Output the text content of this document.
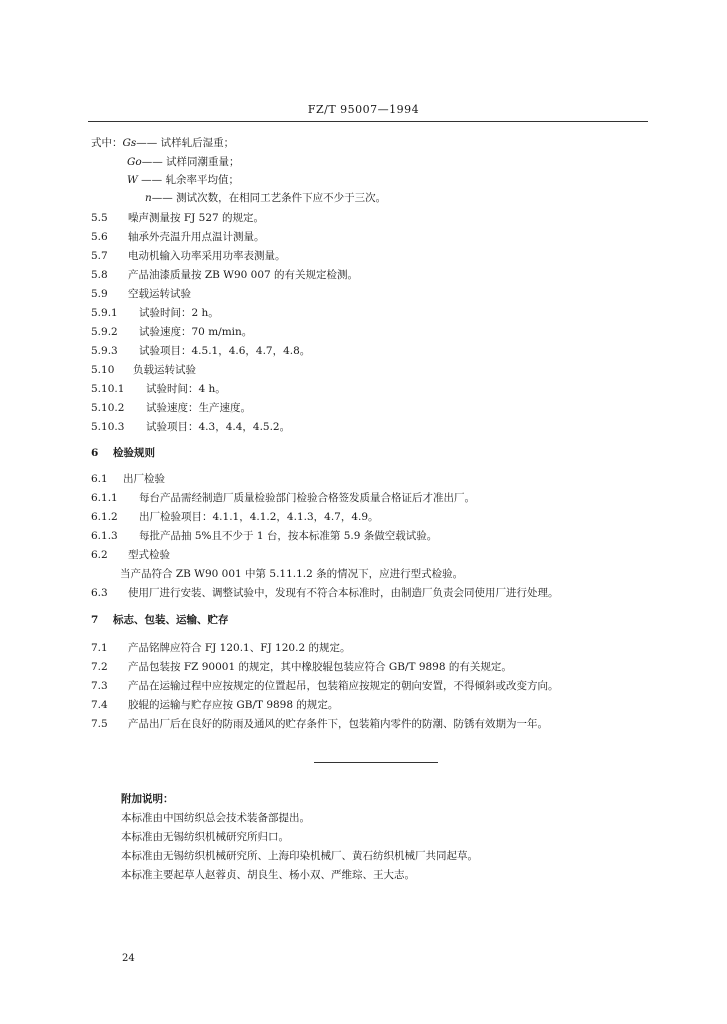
FZ/T 95007—1994
式中：Gs—— 试样轧后湿重；
Go—— 试样同潮重量；
W —— 轧余率平均值；
n—— 测试次数，在相同工艺条件下应不少于三次。
5.5 噪声测量按 FJ 527 的规定。
5.6 轴承外壳温升用点温计测量。
5.7 电动机输入功率采用功率表测量。
5.8 产品油漆质量按 ZB W90 007 的有关规定检测。
5.9 空载运转试验
5.9.1 试验时间：2 h。
5.9.2 试验速度：70 m/min。
5.9.3 试验项目：4.5.1，4.6，4.7，4.8。
5.10 负载运转试验
5.10.1 试验时间：4 h。
5.10.2 试验速度：生产速度。
5.10.3 试验项目：4.3，4.4，4.5.2。
6 检验规则
6.1 出厂检验
6.1.1 每台产品需经制造厂质量检验部门检验合格签发质量合格证后才准出厂。
6.1.2 出厂检验项目：4.1.1，4.1.2，4.1.3，4.7，4.9。
6.1.3 每批产品抽 5%且不少于 1 台，按本标准第 5.9 条做空载试验。
6.2 型式检验
当产品符合 ZB W90 001 中第 5.11.1.2 条的情况下，应进行型式检验。
6.3 使用厂进行安装、调整试验中，发现有不符合本标准时，由制造厂负责会同使用厂进行处理。
7 标志、包装、运输、贮存
7.1 产品铭牌应符合 FJ 120.1、FJ 120.2 的规定。
7.2 产品包装按 FZ 90001 的规定，其中橡胶辊包装应符合 GB/T 9898 的有关规定。
7.3 产品在运输过程中应按规定的位置起吊，包装箱应按规定的朝向安置，不得倾斜或改变方向。
7.4 胶辊的运输与贮存应按 GB/T 9898 的规定。
7.5 产品出厂后在良好的防雨及通风的贮存条件下，包装箱内零件的防潮、防锈有效期为一年。
附加说明：
本标准由中国纺织总会技术装备部提出。
本标准由无锡纺织机械研究所归口。
本标准由无锡纺织机械研究所、上海印染机械厂、黄石纺织机械厂共同起草。
本标准主要起草人赵蓉贞、胡良生、杨小双、严维琮、王大志。
24
